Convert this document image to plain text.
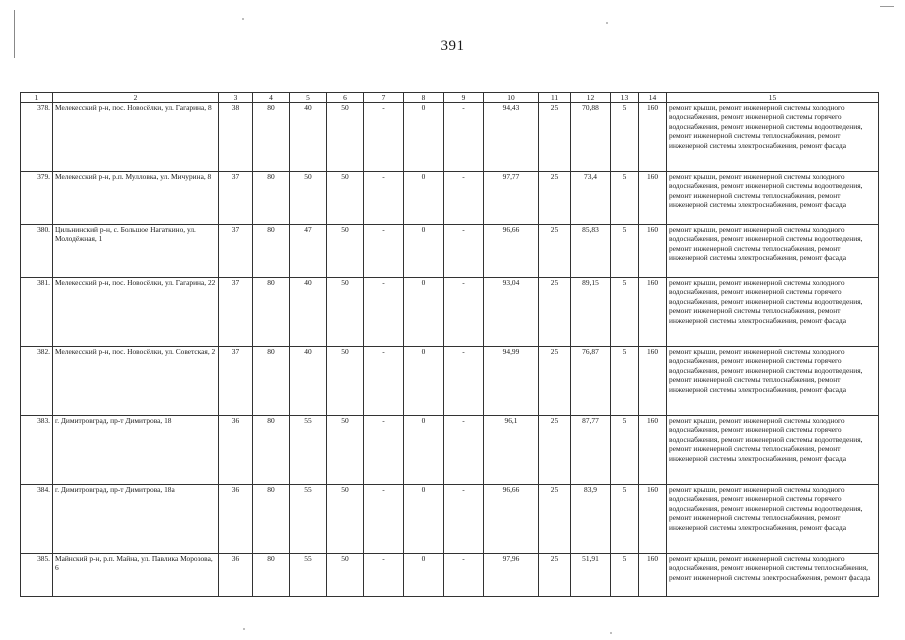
391
1	2	3	4	5	6	7	8	9	10	11	12	13	14	15
378.	Мелекесский р-н, пос. Новосёлки, ул. Гагарина, 8	38	80	40	50	-	0	-	94,43	25	70,88	5	160	ремонт крыши, ремонт инженерной системы холодного водоснабжения, ремонт инженерной системы горячего водоснабжения, ремонт инженерной системы водоотведения, ремонт инженерной системы теплоснабжения, ремонт инженерной системы электроснабжения, ремонт фасада
379.	Мелекесский р-н, р.п. Мулловка, ул. Мичурина, 8	37	80	50	50	-	0	-	97,77	25	73,4	5	160	ремонт крыши, ремонт инженерной системы холодного водоснабжения, ремонт инженерной системы водоотведения, ремонт инженерной системы теплоснабжения, ремонт инженерной системы электроснабжения, ремонт фасада
380.	Цильнинский р-н, с. Большое Нагаткино, ул. Молодёжная, 1	37	80	47	50	-	0	-	96,66	25	85,83	5	160	ремонт крыши, ремонт инженерной системы холодного водоснабжения, ремонт инженерной системы водоотведения, ремонт инженерной системы теплоснабжения, ремонт инженерной системы электроснабжения, ремонт фасада
381.	Мелекесский р-н, пос. Новосёлки, ул. Гагарина, 22	37	80	40	50	-	0	-	93,04	25	89,15	5	160	ремонт крыши, ремонт инженерной системы холодного водоснабжения, ремонт инженерной системы горячего водоснабжения, ремонт инженерной системы водоотведения, ремонт инженерной системы теплоснабжения, ремонт инженерной системы электроснабжения, ремонт фасада
382.	Мелекесский р-н, пос. Новосёлки, ул. Советская, 2	37	80	40	50	-	0	-	94,99	25	76,87	5	160	ремонт крыши, ремонт инженерной системы холодного водоснабжения, ремонт инженерной системы горячего водоснабжения, ремонт инженерной системы водоотведения, ремонт инженерной системы теплоснабжения, ремонт инженерной системы электроснабжения, ремонт фасада
383.	г. Димитровград, пр-т Димитрова, 18	36	80	55	50	-	0	-	96,1	25	87,77	5	160	ремонт крыши, ремонт инженерной системы холодного водоснабжения, ремонт инженерной системы горячего водоснабжения, ремонт инженерной системы водоотведения, ремонт инженерной системы теплоснабжения, ремонт инженерной системы электроснабжения, ремонт фасада
384.	г. Димитровград, пр-т Димитрова, 18а	36	80	55	50	-	0	-	96,66	25	83,9	5	160	ремонт крыши, ремонт инженерной системы холодного водоснабжения, ремонт инженерной системы горячего водоснабжения, ремонт инженерной системы водоотведения, ремонт инженерной системы теплоснабжения, ремонт инженерной системы электроснабжения, ремонт фасада
385.	Майнский р-н, р.п. Майна, ул. Павлика Морозова, 6	36	80	55	50	-	0	-	97,96	25	51,91	5	160	ремонт крыши, ремонт инженерной системы холодного водоснабжения, ремонт инженерной системы теплоснабжения, ремонт инженерной системы электроснабжения, ремонт фасада
